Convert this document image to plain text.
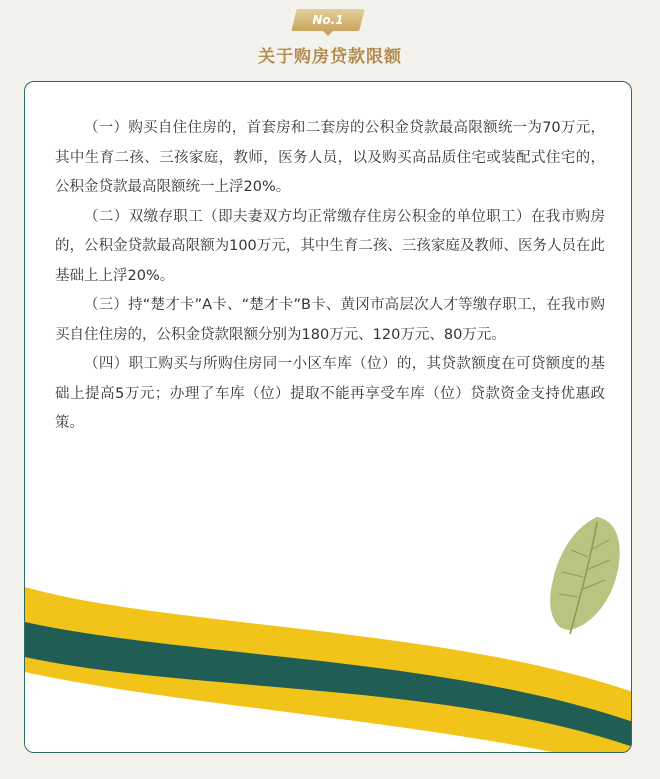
No.1
关于购房贷款限额

（一）购买自住住房的，首套房和二套房的公积金贷款最高限额统一为70万元，其中生育二孩、三孩家庭，教师，医务人员，以及购买高品质住宅或装配式住宅的，公积金贷款最高限额统一上浮20%。

（二）双缴存职工（即夫妻双方均正常缴存住房公积金的单位职工）在我市购房的，公积金贷款最高限额为100万元，其中生育二孩、三孩家庭及教师、医务人员在此基础上上浮20%。

（三）持“楚才卡”A卡、“楚才卡”B卡、黄冈市高层次人才等缴存职工，在我市购买自住住房的，公积金贷款限额分别为180万元、120万元、80万元。

（四）职工购买与所购住房同一小区车库（位）的，其贷款额度在可贷额度的基础上提高5万元；办理了车库（位）提取不能再享受车库（位）贷款资金支持优惠政策。
